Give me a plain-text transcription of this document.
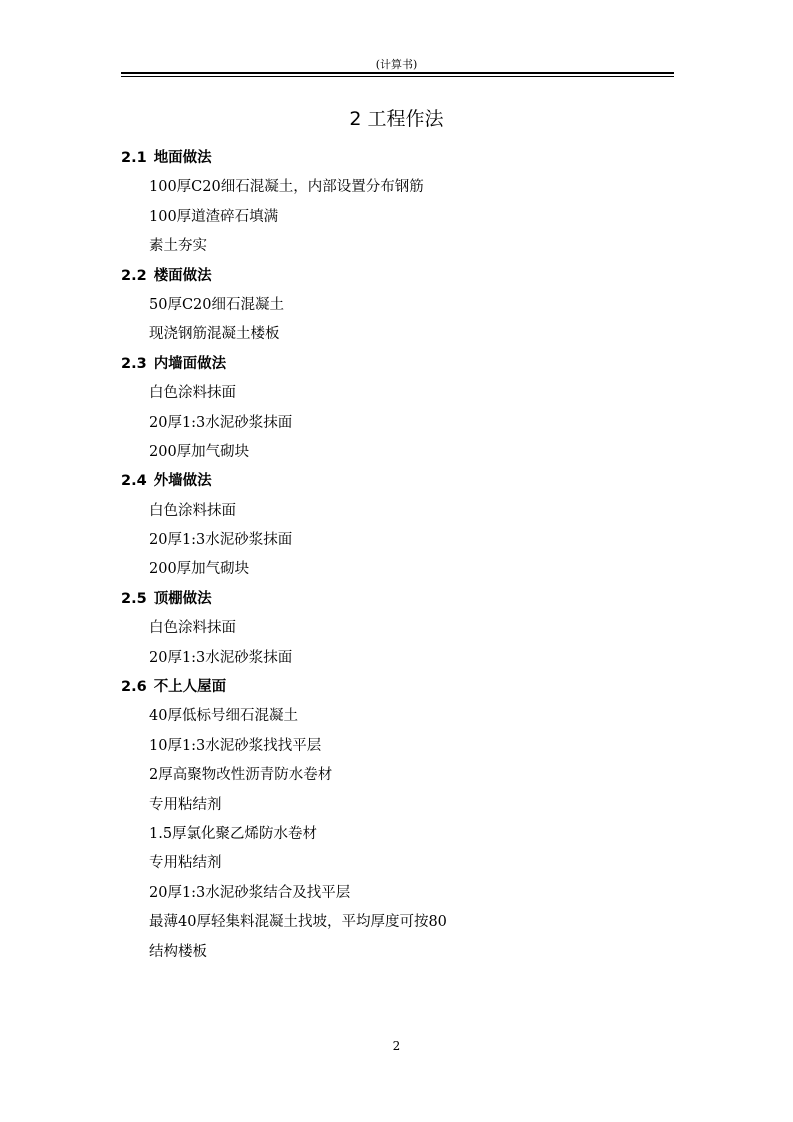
(计算书)
2 工程作法
2.1 地面做法
100厚C20细石混凝土，内部设置分布钢筋
100厚道渣碎石填满
素土夯实
2.2 楼面做法
50厚C20细石混凝土
现浇钢筋混凝土楼板
2.3 内墙面做法
白色涂料抹面
20厚1:3水泥砂浆抹面
200厚加气砌块
2.4 外墙做法
白色涂料抹面
20厚1:3水泥砂浆抹面
200厚加气砌块
2.5 顶棚做法
白色涂料抹面
20厚1:3水泥砂浆抹面
2.6 不上人屋面
40厚低标号细石混凝土
10厚1:3水泥砂浆找找平层
2厚高聚物改性沥青防水卷材
专用粘结剂
1.5厚氯化聚乙烯防水卷材
专用粘结剂
20厚1:3水泥砂浆结合及找平层
最薄40厚轻集料混凝土找坡，平均厚度可按80
结构楼板
2
